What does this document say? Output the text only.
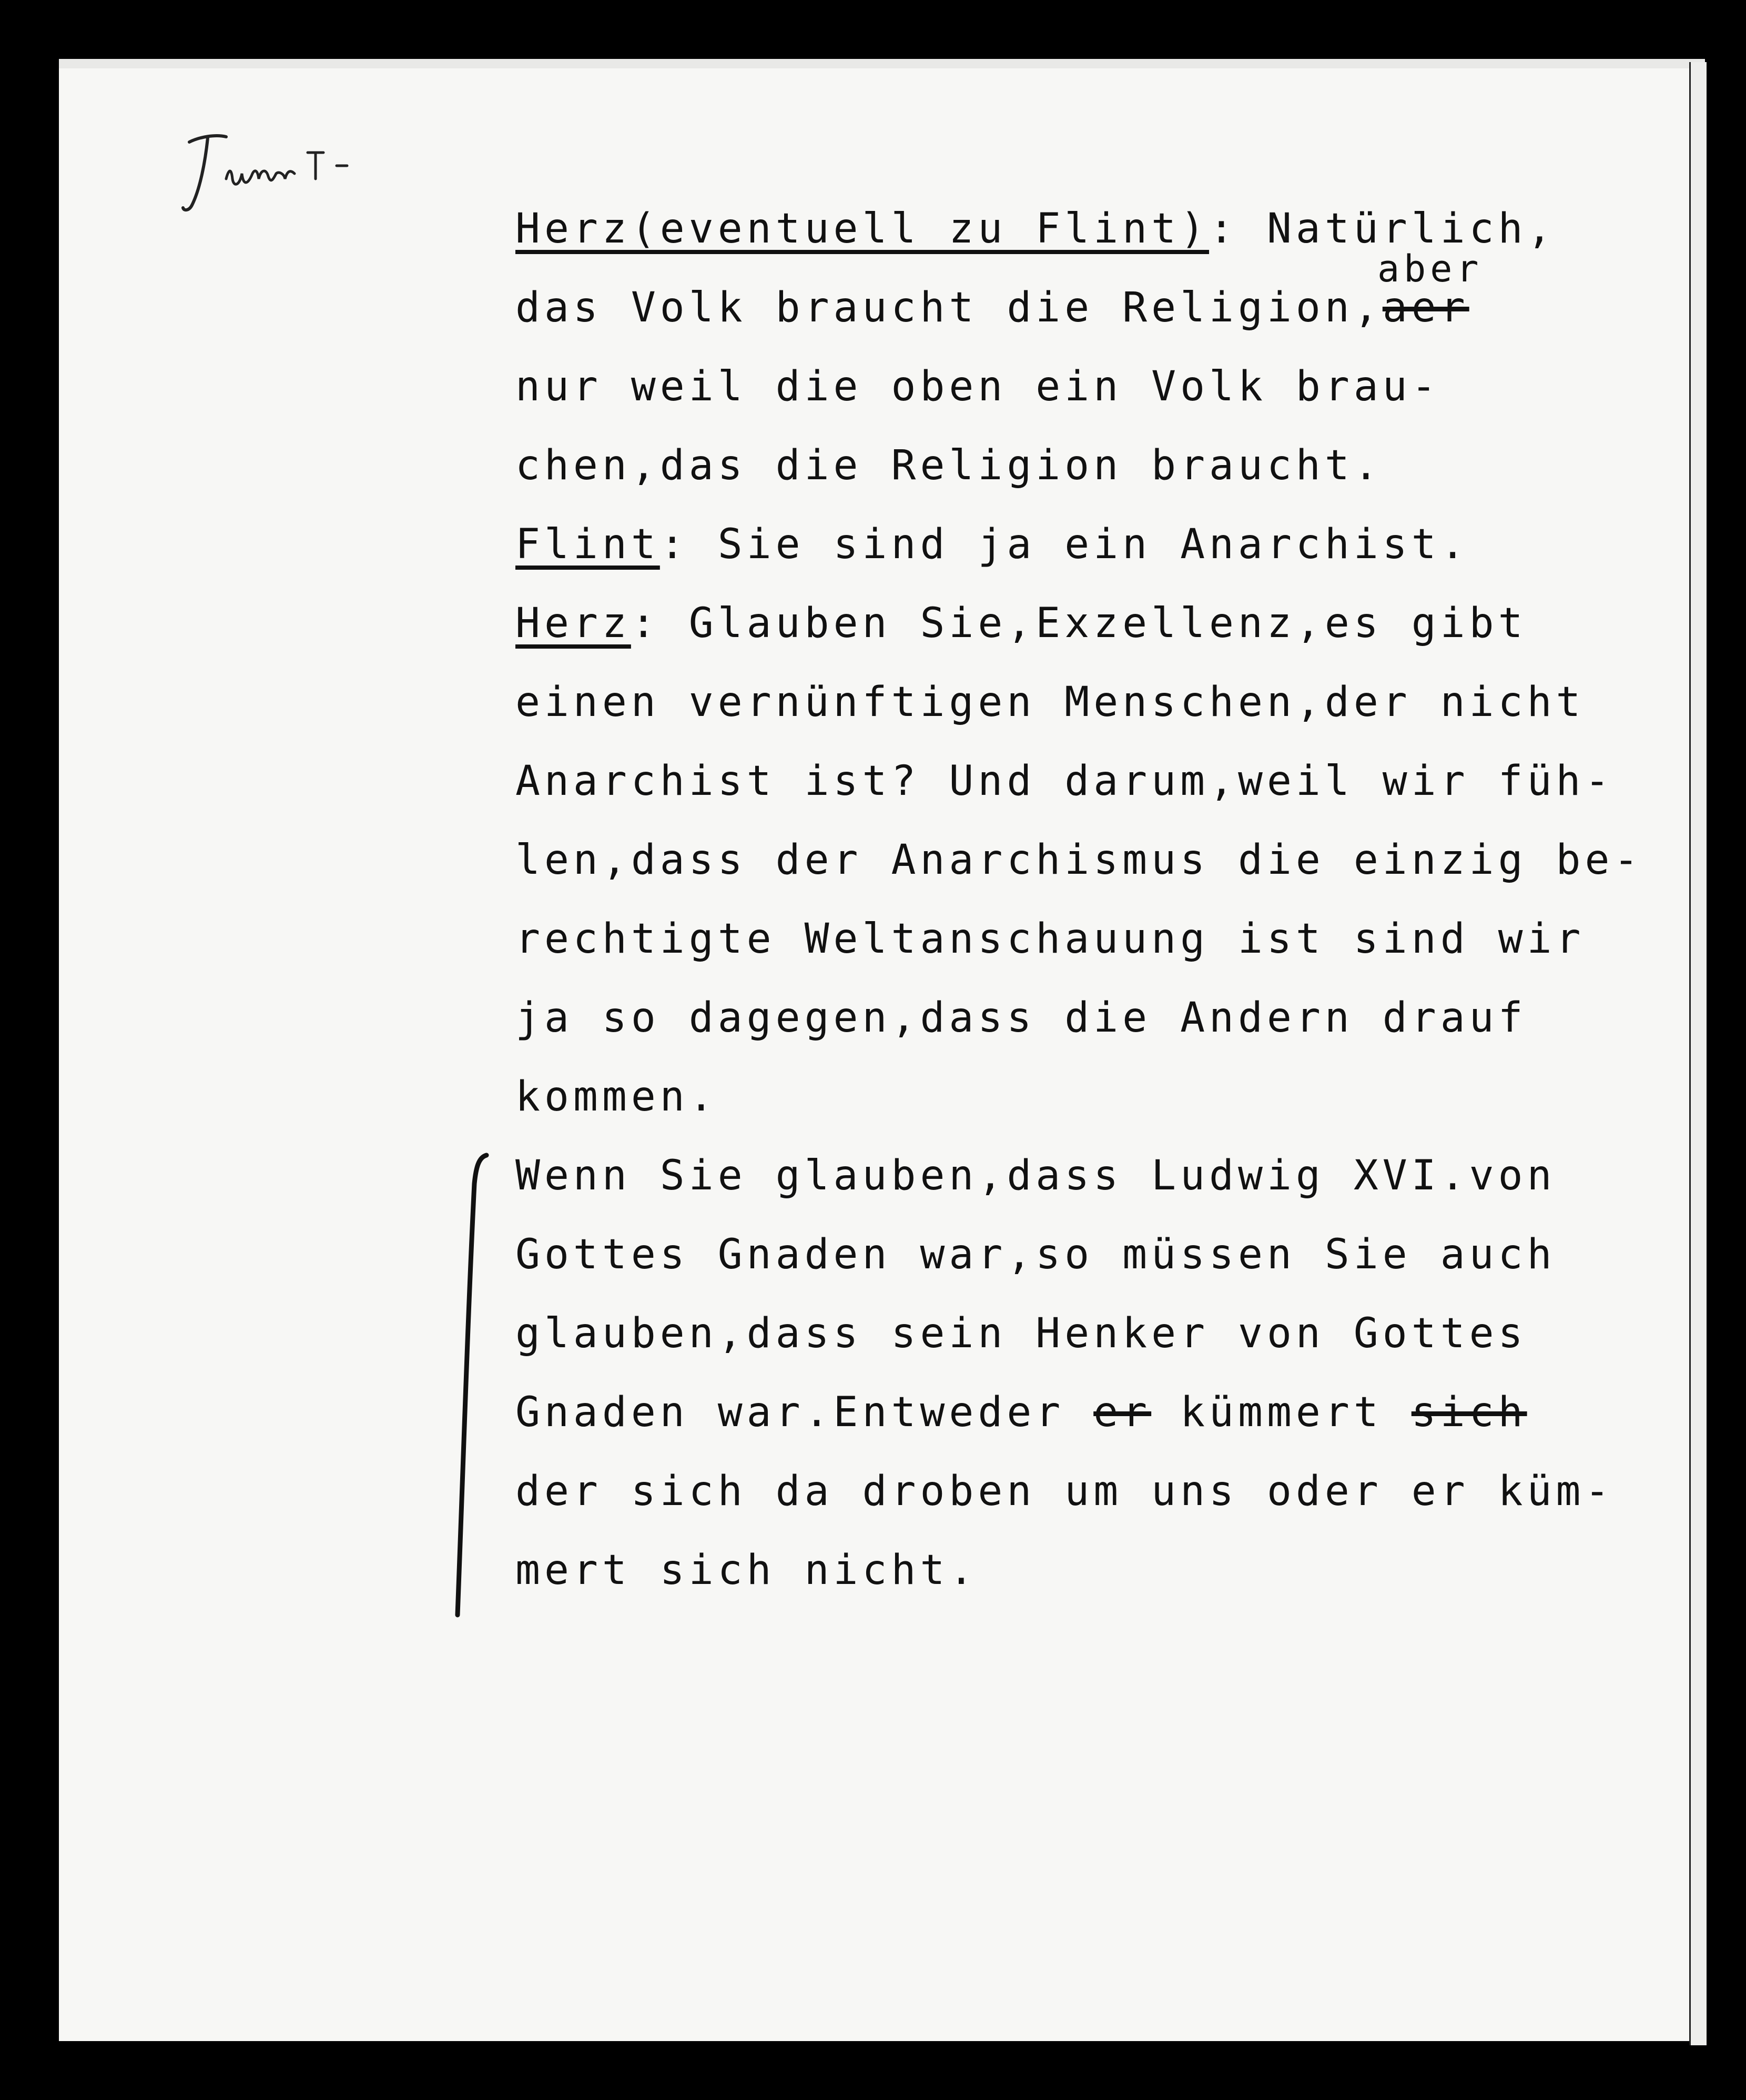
Herz(eventuell zu Flint): Natürlich,
das Volk braucht die Religion,aer
nur weil die oben ein Volk brau-
chen,das die Religion braucht.
Flint: Sie sind ja ein Anarchist.
Herz: Glauben Sie,Exzellenz,es gibt
einen vernünftigen Menschen,der nicht
Anarchist ist? Und darum,weil wir füh-
len,dass der Anarchismus die einzig be-
rechtigte Weltanschauung ist sind wir
ja so dagegen,dass die Andern drauf
kommen.
Wenn Sie glauben,dass Ludwig XVI.von
Gottes Gnaden war,so müssen Sie auch
glauben,dass sein Henker von Gottes
Gnaden war.Entweder er kümmert sich
der sich da droben um uns oder er küm-
mert sich nicht.
aber
